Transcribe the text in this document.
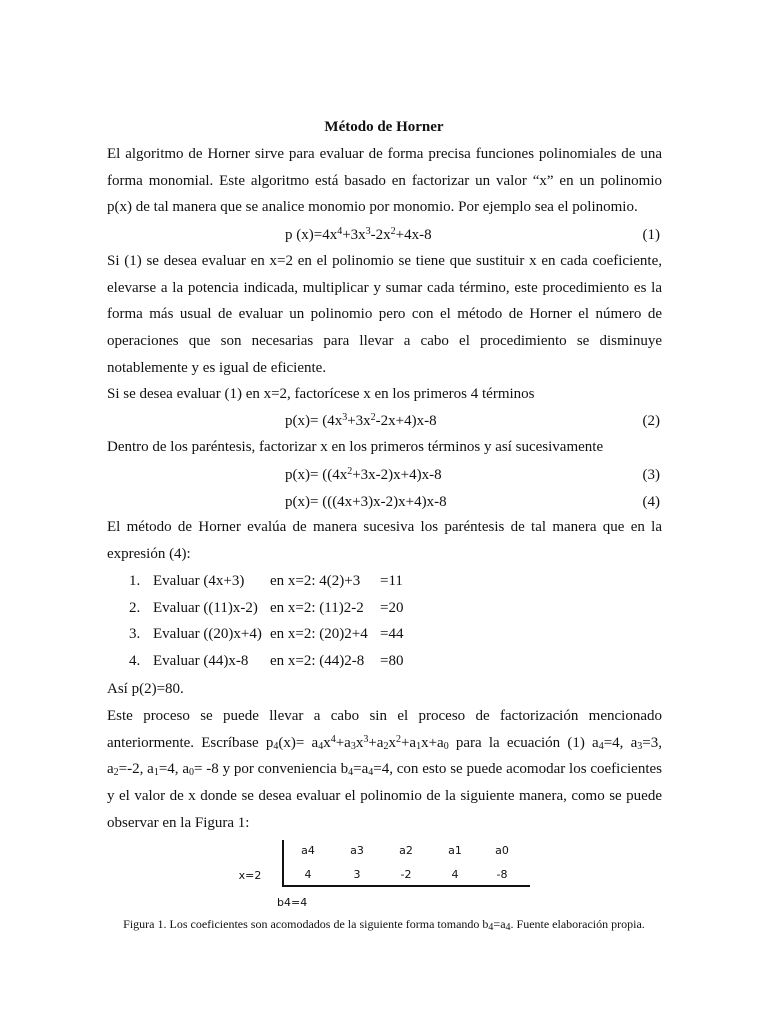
Método de Horner

El algoritmo de Horner sirve para evaluar de forma precisa funciones polinomiales de una forma monomial. Este algoritmo está basado en factorizar un valor “x” en un polinomio p(x) de tal manera que se analice monomio por monomio. Por ejemplo sea el polinomio.

p $(x)=4x^4+3x^3-2x^2+4x-8$	(1)

Si (1) se desea evaluar en x=2 en el polinomio se tiene que sustituir x en cada coeficiente, elevarse a la potencia indicada, multiplicar y sumar cada término, este procedimiento es la forma más usual de evaluar un polinomio pero con el método de Horner el número de operaciones que son necesarias para llevar a cabo el procedimiento se disminuye notablemente y es igual de eficiente.

Si se desea evaluar (1) en x=2, factorícese x en los primeros 4 términos

$p(x)= (4x^3+3x^2-2x+4)x-8$	(2)

Dentro de los paréntesis, factorizar x en los primeros términos y así sucesivamente

$p(x)= ((4x^2+3x-2)x+4)x-8$	(3)
p(x)= (((4x+3)x-2)x+4)x-8	(4)

El método de Horner evalúa de manera sucesiva los paréntesis de tal manera que en la expresión (4):

1. Evaluar (4x+3) en x=2: 4(2)+3 =11
2. Evaluar ((11)x-2) en x=2: (11)2-2 =20
3. Evaluar ((20)x+4) en x=2: (20)2+4 =44
4. Evaluar (44)x-8 en x=2: (44)2-8 =80

Así p(2)=80.

Este proceso se puede llevar a cabo sin el proceso de factorización mencionado anteriormente. Escríbase $p_4(x)= a_4x^4+a_3x^3+a_2x^2+a_1x+a_0$ para la ecuación (1) $a_4=4$, $a_3=3$, $a_2=-2$, $a_1=4$, $a_0= -8$ y por conveniencia $b_4=a_4=4$, con esto se puede acomodar los coeficientes y el valor de x donde se desea evaluar el polinomio de la siguiente manera, como se puede observar en la Figura 1:

x=2
a4	a3	a2	a1	a0
4	3	-2	4	-8
b4=4
Figura 1. Los coeficientes son acomodados de la siguiente forma tomando $b_4=a_4$. Fuente elaboración propia.
